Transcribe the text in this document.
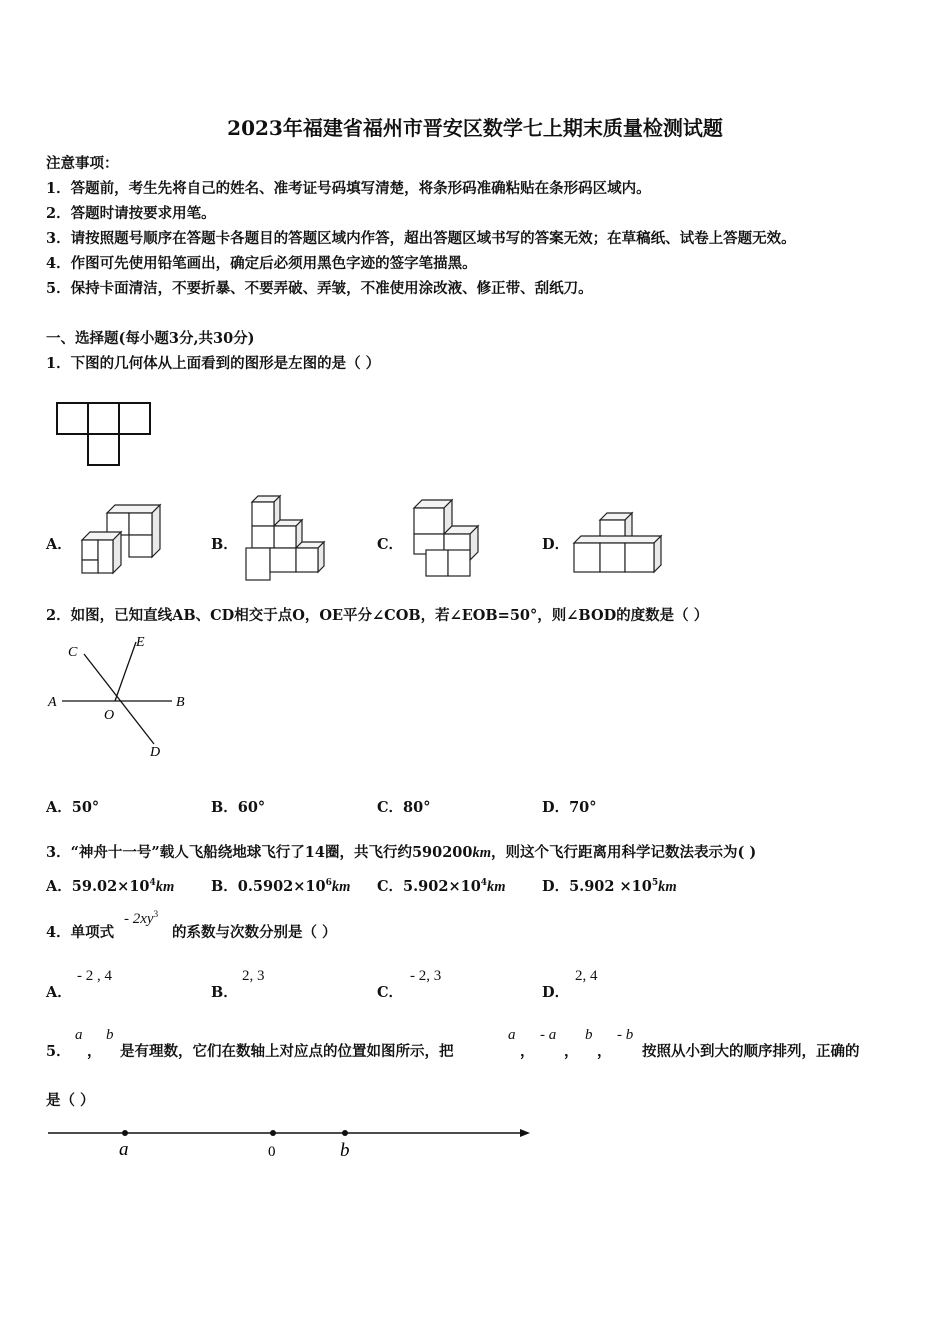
2023年福建省福州市晋安区数学七上期末质量检测试题
注意事项：
1．答题前，考生先将自己的姓名、准考证号码填写清楚，将条形码准确粘贴在条形码区域内。
2．答题时请按要求用笔。
3．请按照题号顺序在答题卡各题目的答题区域内作答，超出答题区域书写的答案无效；在草稿纸、试卷上答题无效。
4．作图可先使用铅笔画出，确定后必须用黑色字迹的签字笔描黑。
5．保持卡面清洁，不要折暴、不要弄破、弄皱，不准使用涂改液、修正带、刮纸刀。
一、选择题(每小题3分,共30分)
1．下图的几何体从上面看到的图形是左图的是（ ）
A．	B．	C．	D．
2．如图，已知直线AB、CD相交于点O，OE平分∠COB，若∠EOB=50°，则∠BOD的度数是（ ）
A	B
C
D
E
O
A．50°	B．60°	C．80°	D．70°
3．“神舟十一号”载人飞船绕地球飞行了14圈，共飞行约590200km，则这个飞行距离用科学记数法表示为( )
A．$59.02\times 10^4km$	B．$0.5902\times 10^6km$ C．$5.902\times 10^4km$	D．$5.902 \times 10^5km$
4．单项式
- $2xy^3$
的系数与次数分别是（ ）
A．
- 2 , 4
B．
2, 3
C．
- 2, 3
D．
2, 4
5．
a
，
b
是有理数，它们在数轴上对应点的位置如图所示，把
a
，
- a
，
b
，
- b
按照从小到大的顺序排列，正确的
是（ ）
a	0	b
